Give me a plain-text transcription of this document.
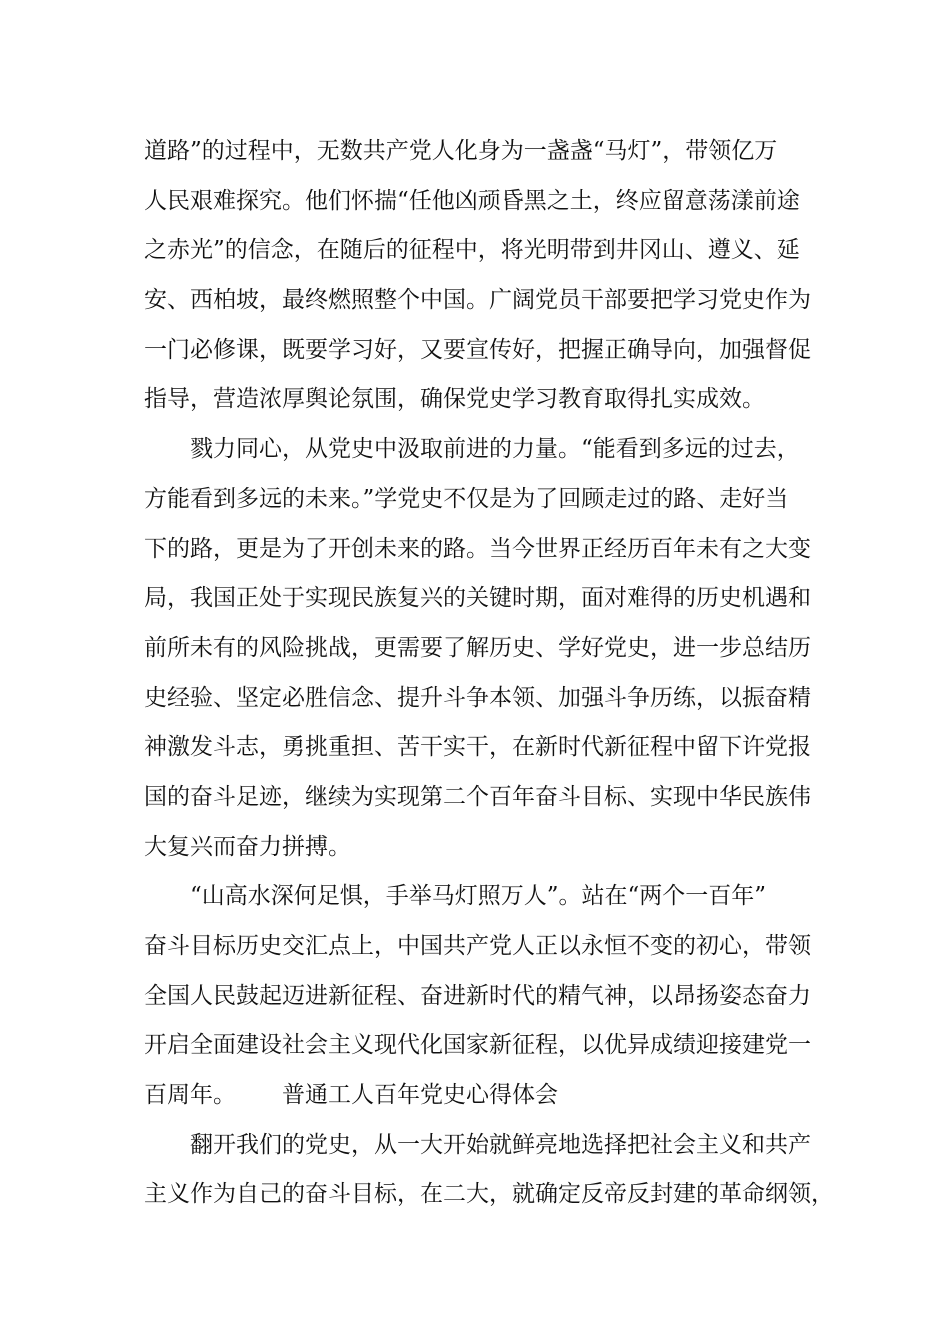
道路”的过程中，无数共产党人化身为一盏盏“马灯”，带领亿万
人民艰难探究。他们怀揣“任他凶顽昏黑之土，终应留意荡漾前途
之赤光”的信念，在随后的征程中，将光明带到井冈山、遵义、延
安、西柏坡，最终燃照整个中国。广阔党员干部要把学习党史作为
一门必修课，既要学习好，又要宣传好，把握正确导向，加强督促
指导，营造浓厚舆论氛围，确保党史学习教育取得扎实成效。
戮力同心，从党史中汲取前进的力量。“能看到多远的过去，
方能看到多远的未来。”学党史不仅是为了回顾走过的路、走好当
下的路，更是为了开创未来的路。当今世界正经历百年未有之大变
局，我国正处于实现民族复兴的关键时期，面对难得的历史机遇和
前所未有的风险挑战，更需要了解历史、学好党史，进一步总结历
史经验、坚定必胜信念、提升斗争本领、加强斗争历练，以振奋精
神激发斗志，勇挑重担、苦干实干，在新时代新征程中留下许党报
国的奋斗足迹，继续为实现第二个百年奋斗目标、实现中华民族伟
大复兴而奋力拼搏。
“山高水深何足惧，手举马灯照万人”。站在“两个一百年”
奋斗目标历史交汇点上，中国共产党人正以永恒不变的初心，带领
全国人民鼓起迈进新征程、奋进新时代的精气神，以昂扬姿态奋力
开启全面建设社会主义现代化国家新征程，以优异成绩迎接建党一
百周年。 普通工人百年党史心得体会
翻开我们的党史，从一大开始就鲜亮地选择把社会主义和共产
主义作为自己的奋斗目标，在二大，就确定反帝反封建的革命纲领，
